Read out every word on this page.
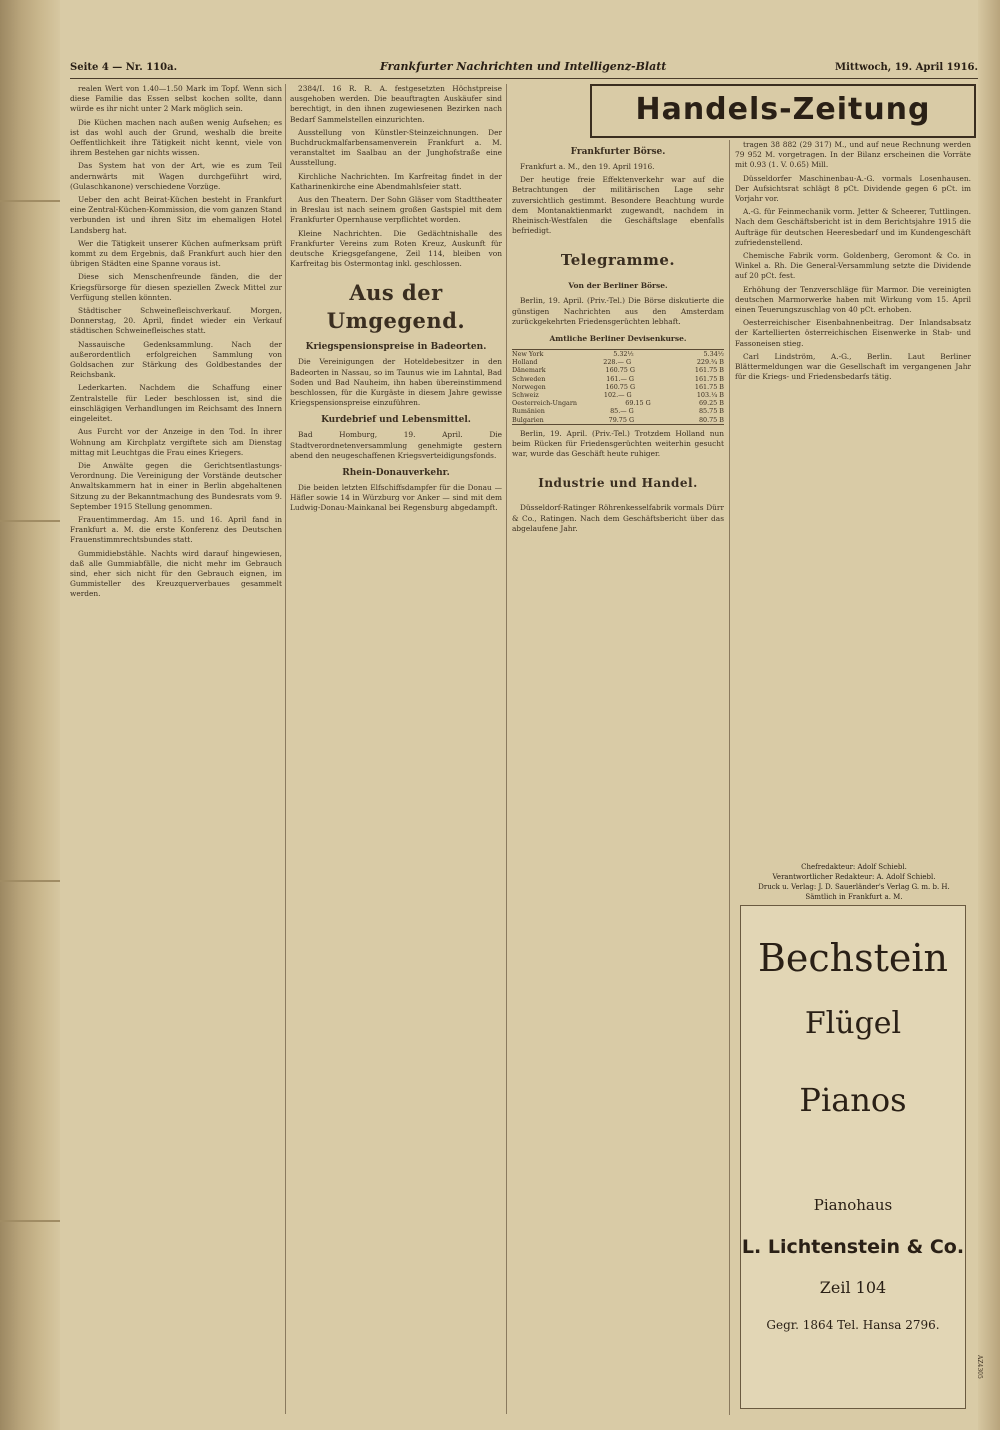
Seite 4 — Nr. 110a.	Frankfurter Nachrichten und Intelligenz-Blatt	Mittwoch, 19. April 1916.

realen Wert von 1.40—1.50 Mark im Topf. Wenn sich diese Familie das Essen selbst kochen sollte, dann würde es ihr nicht unter 2 Mark möglich sein.

Die Küchen machen nach außen wenig Aufsehen; es ist das wohl auch der Grund, weshalb die breite Oeffentlichkeit ihre Tätigkeit nicht kennt, viele von ihrem Bestehen gar nichts wissen.

Das System hat von der Art, wie es zum Teil andernwärts mit Wagen durchgeführt wird, (Gulaschkanone) verschiedene Vorzüge.

Ueber den acht Beirat-Küchen besteht in Frankfurt eine Zentral-Küchen-Kommission, die vom ganzen Stand verbunden ist und ihren Sitz im ehemaligen Hotel Landsberg hat.

Wer die Tätigkeit unserer Küchen aufmerksam prüft kommt zu dem Ergebnis, daß Frankfurt auch hier den übrigen Städten eine Spanne voraus ist.

Diese sich Menschenfreunde fänden, die der Kriegsfürsorge für diesen speziellen Zweck Mittel zur Verfügung stellen könnten.

Städtischer Schweinefleischverkauf. Morgen, Donnerstag, 20. April, findet wieder ein Verkauf städtischen Schweinefleisches statt.

Nassauische Gedenksammlung. Nach der außerordentlich erfolgreichen Sammlung von Goldsachen zur Stärkung des Goldbestandes der Reichsbank.

Lederkarten. Nachdem die Schaffung einer Zentralstelle für Leder beschlossen ist, sind die einschlägigen Verhandlungen im Reichsamt des Innern eingeleitet.

Aus Furcht vor der Anzeige in den Tod. In ihrer Wohnung am Kirchplatz vergiftete sich am Dienstag mittag mit Leuchtgas die Frau eines Kriegers.

Die Anwälte gegen die Gerichtsentlastungs-Verordnung. Die Vereinigung der Vorstände deutscher Anwaltskammern hat in einer in Berlin abgehaltenen Sitzung zu der Bekanntmachung des Bundesrats vom 9. September 1915 Stellung genommen.

Frauentimmerdag. Am 15. und 16. April fand in Frankfurt a. M. die erste Konferenz des Deutschen Frauenstimmrechtsbundes statt.

Gummidiebstähle. Nachts wird darauf hingewiesen, daß alle Gummiabfälle, die nicht mehr im Gebrauch sind, eher sich nicht für den Gebrauch eignen, im Gummisteller des Kreuzquerverbaues gesammelt werden.

2384/I. 16 R. R. A. festgesetzten Höchstpreise ausgehoben werden. Die beauftragten Auskäufer sind berechtigt, in den ihnen zugewiesenen Bezirken nach Bedarf Sammelstellen einzurichten.

Ausstellung von Künstler-Steinzeichnungen. Der Buchdruckmalfarbensamenverein Frankfurt a. M. veranstaltet im Saalbau an der Junghofstraße eine Ausstellung.

Kirchliche Nachrichten. Im Karfreitag findet in der Katharinenkirche eine Abendmahlsfeier statt.

Aus den Theatern. Der Sohn Gläser vom Stadttheater in Breslau ist nach seinem großen Gastspiel mit dem Frankfurter Opernhause verpflichtet worden.

Kleine Nachrichten. Die Gedächtnishalle des Frankfurter Vereins zum Roten Kreuz, Auskunft für deutsche Kriegsgefangene, Zeil 114, bleiben von Karfreitag bis Ostermontag inkl. geschlossen.

Aus der Umgegend.
Kriegspensionspreise in Badeorten.

Die Vereinigungen der Hoteldebesitzer in den Badeorten in Nassau, so im Taunus wie im Lahntal, Bad Soden und Bad Nauheim, ihn haben übereinstimmend beschlossen, für die Kurgäste in diesem Jahre gewisse Kriegspensionspreise einzuführen.

Kurdebrief und Lebensmittel.

Bad Homburg, 19. April. Die Stadtverordnetenversammlung genehmigte gestern abend den neugeschaffenen Kriegsverteidigungsfonds.

Rhein-Donauverkehr.

Die beiden letzten Elfschiffsdampfer für die Donau — Häfler sowie 14 in Würzburg vor Anker — sind mit dem Ludwig-Donau-Mainkanal bei Regensburg abgedampft.

Handels-Zeitung
Frankfurter Börse.

Frankfurt a. M., den 19. April 1916.

Der heutige freie Effektenverkehr war auf die Betrachtungen der militärischen Lage sehr zuversichtlich gestimmt. Besondere Beachtung wurde dem Montanaktienmarkt zugewandt, nachdem in Rheinisch-Westfalen die Geschäftslage ebenfalls befriedigt.

Telegramme.
Von der Berliner Börse.

Berlin, 19. April. (Priv.-Tel.) Die Börse diskutierte die günstigen Nachrichten aus den Amsterdam zurückgekehrten Friedensgerüchten lebhaft.

Amtliche Berliner Devisenkurse.
New York	5.32½	5.34½
Holland	228.— G	229.¾ B
Dänemark	160.75 G	161.75 B
Schweden	161.— G	161.75 B
Norwegen	160.75 G	161.75 B
Schweiz	102.— G	103.¼ B
Oesterreich-Ungarn	69.15 G	69.25 B
Rumänien	85.— G	85.75 B
Bulgarien	79.75 G	80.75 B

Berlin, 19. April. (Priv.-Tel.) Trotzdem Holland nun beim Rücken für Friedensgerüchten weiterhin gesucht war, wurde das Geschäft heute ruhiger.

Industrie und Handel.

Düsseldorf-Ratinger Röhrenkesselfabrik vormals Dürr & Co., Ratingen. Nach dem Geschäftsbericht über das abgelaufene Jahr.

tragen 38 882 (29 317) M., und auf neue Rechnung werden 79 952 M. vorgetragen. In der Bilanz erscheinen die Vorräte mit 0.93 (1. V. 0.65) Mill.

Düsseldorfer Maschinenbau-A.-G. vormals Losenhausen. Der Aufsichtsrat schlägt 8 pCt. Dividende gegen 6 pCt. im Vorjahr vor.

A.-G. für Feinmechanik vorm. Jetter & Scheerer, Tuttlingen. Nach dem Geschäftsbericht ist in dem Berichtsjahre 1915 die Aufträge für deutschen Heeresbedarf und im Kundengeschäft zufriedenstellend.

Chemische Fabrik vorm. Goldenberg, Geromont & Co. in Winkel a. Rh. Die General-Versammlung setzte die Dividende auf 20 pCt. fest.

Erhöhung der Tenzverschläge für Marmor. Die vereinigten deutschen Marmorwerke haben mit Wirkung vom 15. April einen Teuerungszuschlag von 40 pCt. erhoben.

Oesterreichischer Eisenbahnenbeitrag. Der Inlandsabsatz der Kartellierten österreichischen Eisenwerke in Stab- und Fassoneisen stieg.

Carl Lindström, A.-G., Berlin. Laut Berliner Blättermeldungen war die Gesellschaft im vergangenen Jahr für die Kriegs- und Friedensbedarfs tätig.

Chefredakteur: Adolf Schiebl.
Verantwortlicher Redakteur: A. Adolf Schiebl.
Druck u. Verlag: J. D. Sauerländer's Verlag G. m. b. H.
Sämtlich in Frankfurt a. M.
Bechstein
Flügel
Pianos
Pianohaus
L. Lichtenstein & Co.
Zeil 104
Gegr. 1864 Tel. Hansa 2796.
AZ4305
